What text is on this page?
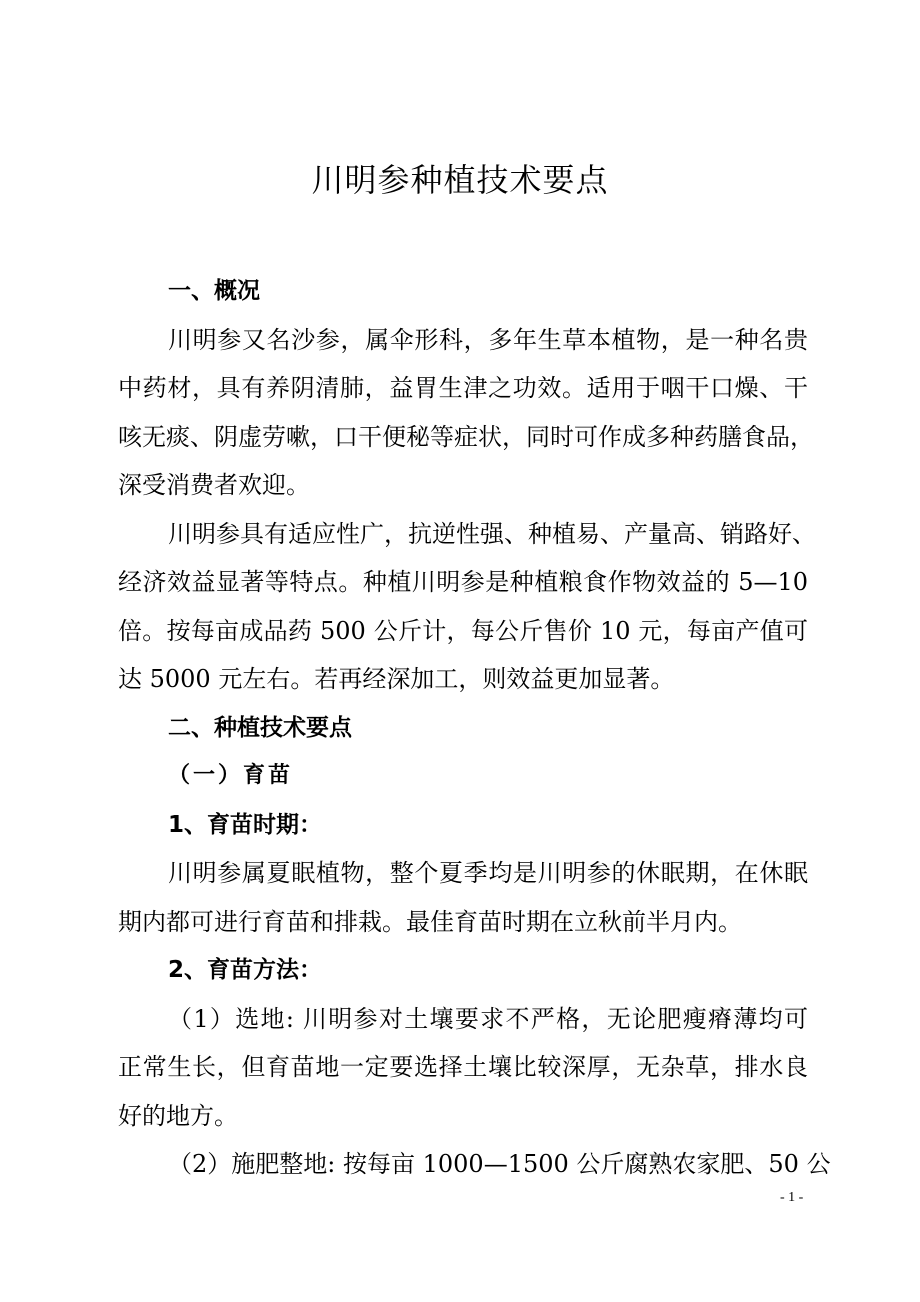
川明参种植技术要点
一、概况
川明参又名沙参，属伞形科，多年生草本植物，是一种名贵
中药材，具有养阴清肺，益胃生津之功效。适用于咽干口燥、干
咳无痰、阴虚劳嗽，口干便秘等症状，同时可作成多种药膳食品，
深受消费者欢迎。
川明参具有适应性广，抗逆性强、种植易、产量高、销路好、
经济效益显著等特点。种植川明参是种植粮食作物效益的 5—10
倍。按每亩成品药 500 公斤计，每公斤售价 10 元，每亩产值可
达 5000 元左右。若再经深加工，则效益更加显著。
二、种植技术要点
（一）育苗
1、育苗时期：
川明参属夏眠植物，整个夏季均是川明参的休眠期，在休眠
期内都可进行育苗和排栽。最佳育苗时期在立秋前半月内。
2、育苗方法：
（1）选地: 川明参对土壤要求不严格，无论肥瘦瘠薄均可
正常生长，但育苗地一定要选择土壤比较深厚，无杂草，排水良
好的地方。
（2）施肥整地: 按每亩 1000—1500 公斤腐熟农家肥、50 公
- 1 -
